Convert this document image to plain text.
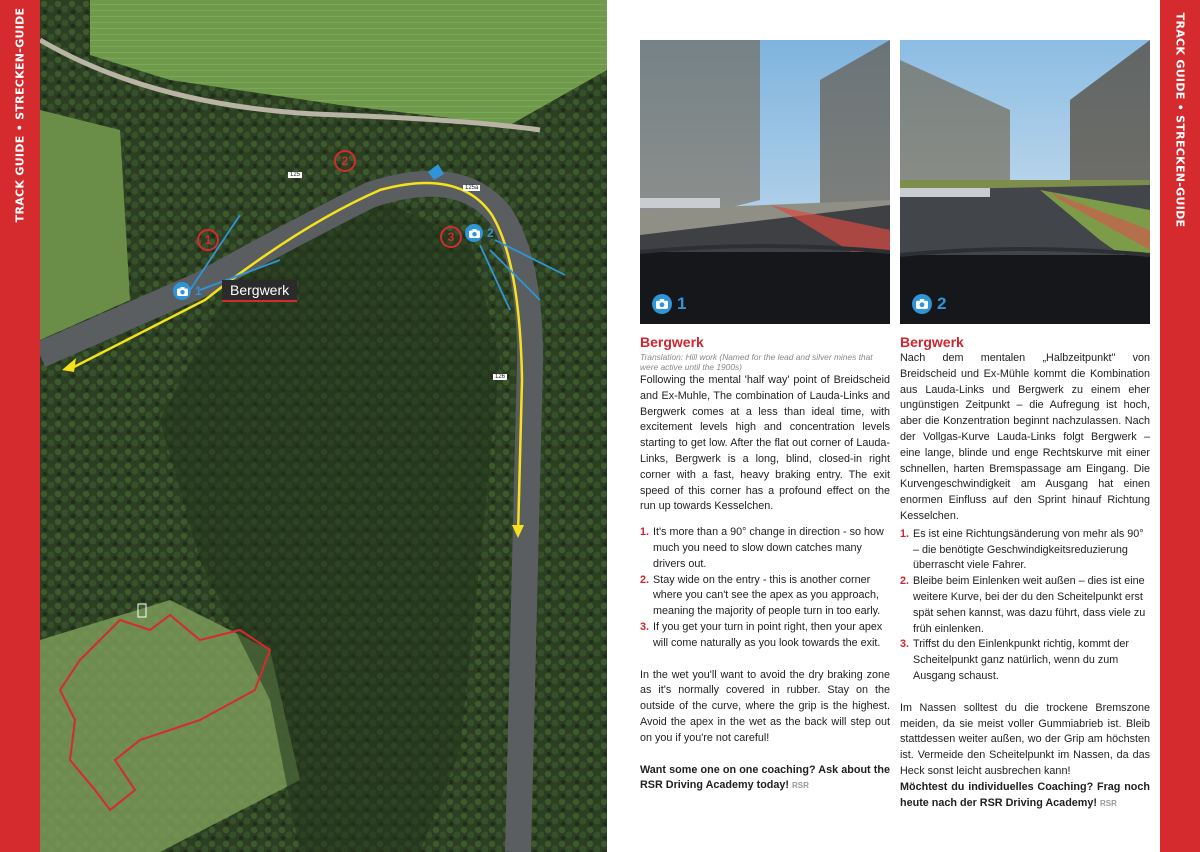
TRACK GUIDE • STRECKEN-GUIDE
1
2
3
125
125a
126
1
2
Bergwerk
1	2
Bergwerk
Translation: Hill work (Named for the lead and silver mines that were active until the 1900s)

Following the mental 'half way' point of Breidscheid and Ex-Muhle, The combination of Lauda-Links and Bergwerk comes at a less than ideal time, with excitement levels high and concentration levels starting to get low. After the flat out corner of Lauda-Links, Bergwerk is a long, blind, closed-in right corner with a fast, heavy braking entry. The exit speed of this corner has a profound effect on the run up towards Kesselchen.

1. It's more than a 90° change in direction - so how much you need to slow down catches many drivers out.
2. Stay wide on the entry - this is another corner where you can't see the apex as you approach, meaning the majority of people turn in too early.
3. If you get your turn in point right, then your apex will come naturally as you look towards the exit.

In the wet you'll want to avoid the dry braking zone as it's normally covered in rubber. Stay on the outside of the curve, where the grip is the highest. Avoid the apex in the wet as the back will step out on you if you're not careful!

Want some one on one coaching? Ask about the RSR Driving Academy today! RSR

Bergwerk

Nach dem mentalen „Halbzeitpunkt" von Breidscheid und Ex-Mühle kommt die Kombination aus Lauda-Links und Bergwerk zu einem eher ungünstigen Zeitpunkt – die Aufregung ist hoch, aber die Konzentration beginnt nachzulassen. Nach der Vollgas-Kurve Lauda-Links folgt Bergwerk – eine lange, blinde und enge Rechtskurve mit einer schnellen, harten Bremspassage am Eingang. Die Kurvengeschwindigkeit am Ausgang hat einen enormen Einfluss auf den Sprint hinauf Richtung Kesselchen.

1. Es ist eine Richtungsänderung von mehr als 90° – die benötigte Geschwindigkeitsreduzierung überrascht viele Fahrer.
2. Bleibe beim Einlenken weit außen – dies ist eine weitere Kurve, bei der du den Scheitelpunkt erst spät sehen kannst, was dazu führt, dass viele zu früh einlenken.
3. Triffst du den Einlenkpunkt richtig, kommt der Scheitelpunkt ganz natürlich, wenn du zum Ausgang schaust.

Im Nassen solltest du die trockene Bremszone meiden, da sie meist voller Gummiabrieb ist. Bleib stattdessen weiter außen, wo der Grip am höchsten ist. Vermeide den Scheitelpunkt im Nassen, da das Heck sonst leicht ausbrechen kann!

Möchtest du individuelles Coaching? Frag noch heute nach der RSR Driving Academy! RSR

TRACK GUIDE • STRECKEN-GUIDE
